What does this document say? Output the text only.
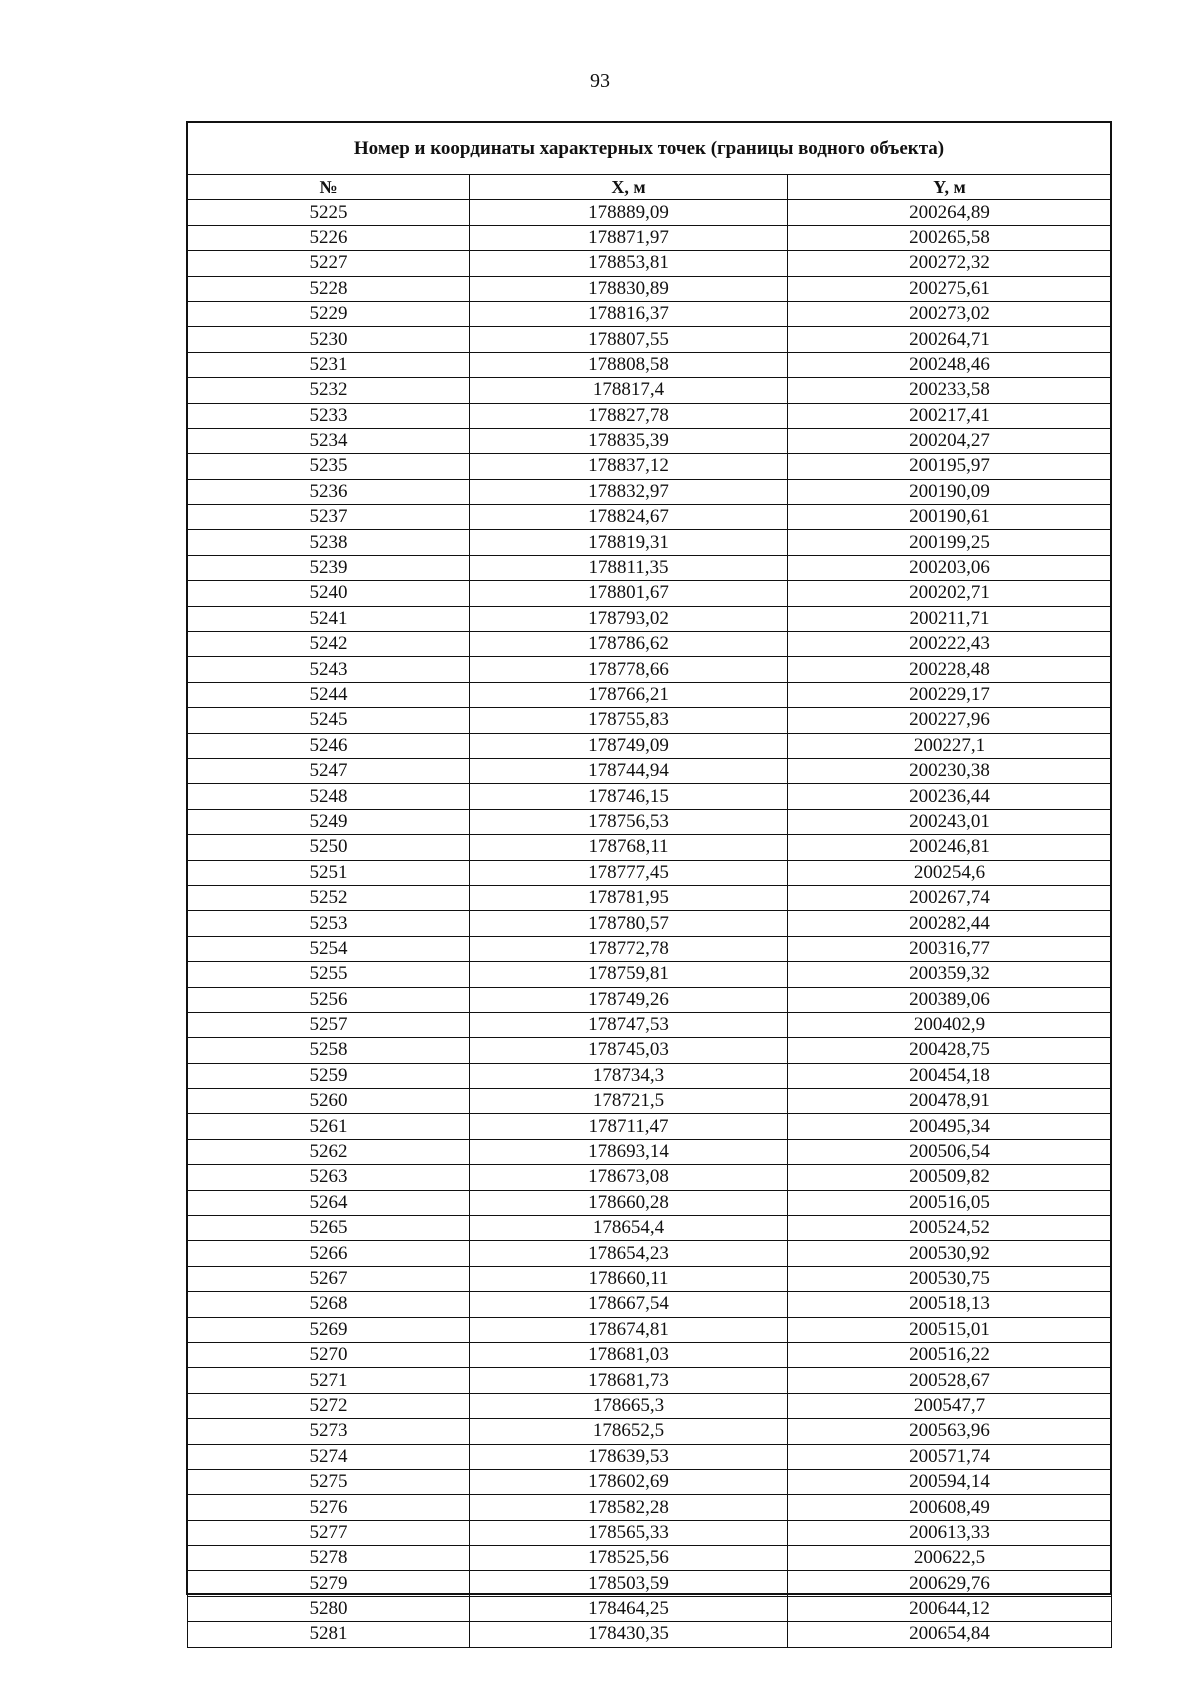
93
Номер и координаты характерных точек (границы водного объекта)
№	X, м	Y, м
5225	178889,09	200264,89
5226	178871,97	200265,58
5227	178853,81	200272,32
5228	178830,89	200275,61
5229	178816,37	200273,02
5230	178807,55	200264,71
5231	178808,58	200248,46
5232	178817,4	200233,58
5233	178827,78	200217,41
5234	178835,39	200204,27
5235	178837,12	200195,97
5236	178832,97	200190,09
5237	178824,67	200190,61
5238	178819,31	200199,25
5239	178811,35	200203,06
5240	178801,67	200202,71
5241	178793,02	200211,71
5242	178786,62	200222,43
5243	178778,66	200228,48
5244	178766,21	200229,17
5245	178755,83	200227,96
5246	178749,09	200227,1
5247	178744,94	200230,38
5248	178746,15	200236,44
5249	178756,53	200243,01
5250	178768,11	200246,81
5251	178777,45	200254,6
5252	178781,95	200267,74
5253	178780,57	200282,44
5254	178772,78	200316,77
5255	178759,81	200359,32
5256	178749,26	200389,06
5257	178747,53	200402,9
5258	178745,03	200428,75
5259	178734,3	200454,18
5260	178721,5	200478,91
5261	178711,47	200495,34
5262	178693,14	200506,54
5263	178673,08	200509,82
5264	178660,28	200516,05
5265	178654,4	200524,52
5266	178654,23	200530,92
5267	178660,11	200530,75
5268	178667,54	200518,13
5269	178674,81	200515,01
5270	178681,03	200516,22
5271	178681,73	200528,67
5272	178665,3	200547,7
5273	178652,5	200563,96
5274	178639,53	200571,74
5275	178602,69	200594,14
5276	178582,28	200608,49
5277	178565,33	200613,33
5278	178525,56	200622,5
5279	178503,59	200629,76
5280	178464,25	200644,12
5281	178430,35	200654,84
